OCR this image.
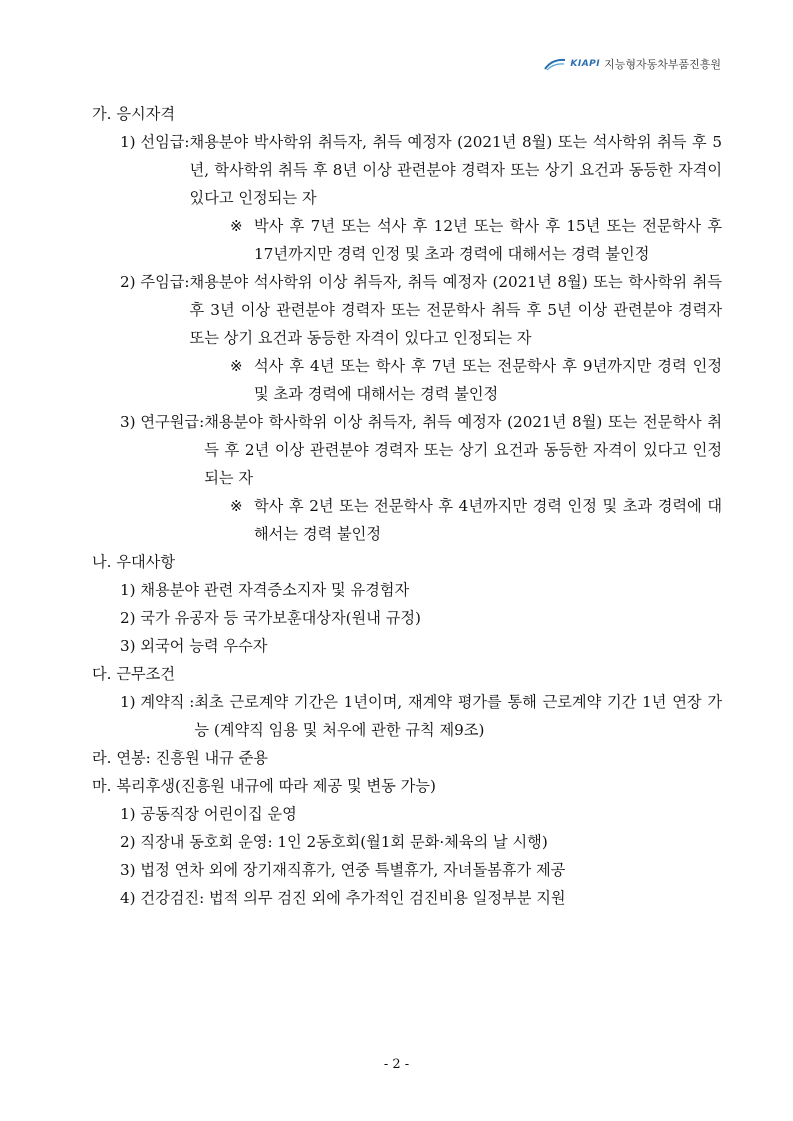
KIAPI 지능형자동차부품진흥원
가. 응시자격
1) 선임급: 채용분야 박사학위 취득자, 취득 예정자 (2021년 8월) 또는 석사학위 취득 후 5년, 학사학위 취득 후 8년 이상 관련분야 경력자 또는 상기 요건과 동등한 자격이 있다고 인정되는 자
※ 박사 후 7년 또는 석사 후 12년 또는 학사 후 15년 또는 전문학사 후 17년까지만 경력 인정 및 초과 경력에 대해서는 경력 불인정
2) 주임급: 채용분야 석사학위 이상 취득자, 취득 예정자 (2021년 8월) 또는 학사학위 취득 후 3년 이상 관련분야 경력자 또는 전문학사 취득 후 5년 이상 관련분야 경력자 또는 상기 요건과 동등한 자격이 있다고 인정되는 자
※ 석사 후 4년 또는 학사 후 7년 또는 전문학사 후 9년까지만 경력 인정 및 초과 경력에 대해서는 경력 불인정
3) 연구원급: 채용분야 학사학위 이상 취득자, 취득 예정자 (2021년 8월) 또는 전문학사 취득 후 2년 이상 관련분야 경력자 또는 상기 요건과 동등한 자격이 있다고 인정되는 자
※ 학사 후 2년 또는 전문학사 후 4년까지만 경력 인정 및 초과 경력에 대해서는 경력 불인정
나. 우대사항
1) 채용분야 관련 자격증소지자 및 유경험자
2) 국가 유공자 등 국가보훈대상자(원내 규정)
3) 외국어 능력 우수자
다. 근무조건
1) 계약직 : 최초 근로계약 기간은 1년이며, 재계약 평가를 통해 근로계약 기간 1년 연장 가능 (계약직 임용 및 처우에 관한 규칙 제9조)
라. 연봉: 진흥원 내규 준용
마. 복리후생(진흥원 내규에 따라 제공 및 변동 가능)
1) 공동직장 어린이집 운영
2) 직장내 동호회 운영: 1인 2동호회(월1회 문화·체육의 날 시행)
3) 법정 연차 외에 장기재직휴가, 연중 특별휴가, 자녀돌봄휴가 제공
4) 건강검진: 법적 의무 검진 외에 추가적인 검진비용 일정부분 지원
- 2 -
